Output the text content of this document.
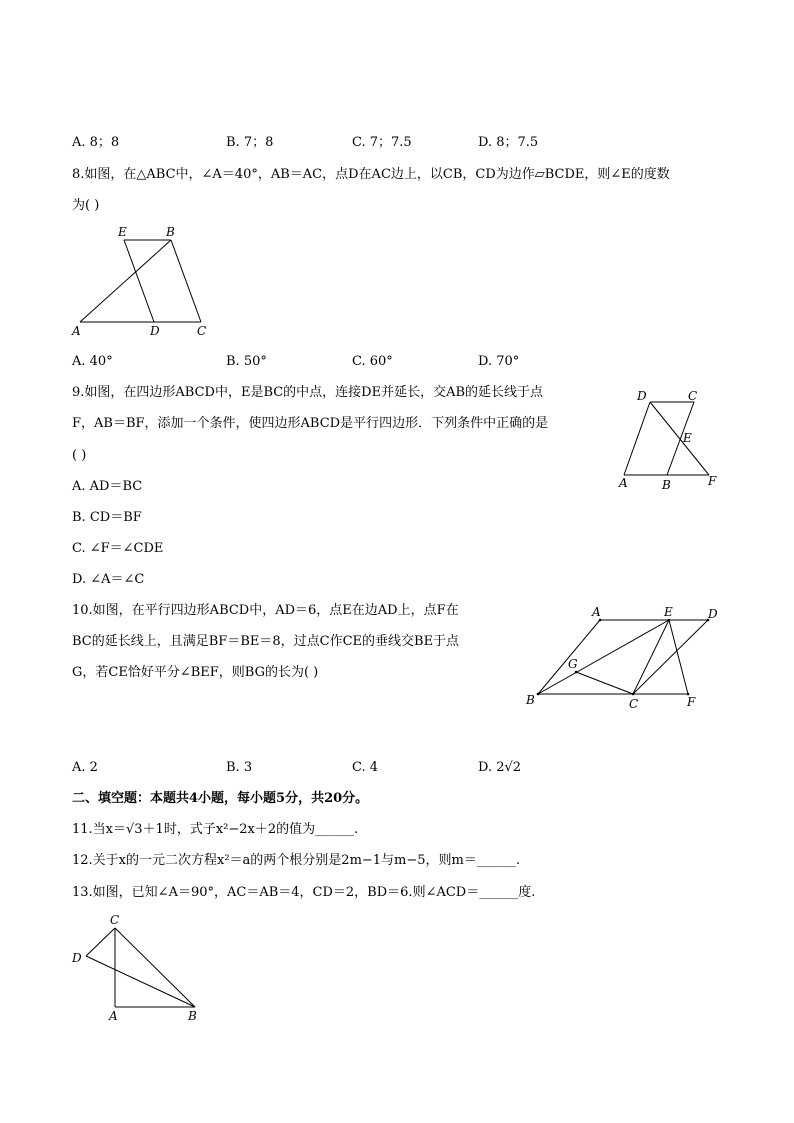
A. 8；8	B. 7；8	C. 7；7.5	D. 8；7.5
8.如图，在△ABC中，∠A＝40°，AB＝AC，点D在AC边上，以CB，CD为边作▱BCDE，则∠E的度数
为( )
E	B
A	D	C
A. 40°	B. 50°	C. 60°	D. 70°
9.如图，在四边形ABCD中，E是BC的中点，连接DE并延长，交AB的延长线于点
F，AB＝BF，添加一个条件，使四边形ABCD是平行四边形．下列条件中正确的是
( )
D	C
E
A	B	F
A. AD＝BC
B. CD＝BF
C. ∠F＝∠CDE
D. ∠A＝∠C
10.如图，在平行四边形ABCD中，AD＝6，点E在边AD上，点F在
BC的延长线上，且满足BF＝BE＝8，过点C作CE的垂线交BE于点
G，若CE恰好平分∠BEF，则BG的长为( )
A	E	D
G
B	C	F
A. 2	B. 3	C. 4	D. 2√2
二、填空题：本题共4小题，每小题5分，共20分。
11.当x＝√3＋1时，式子x²−2x＋2的值为______.
12.关于x的一元二次方程x²＝a的两个根分别是2m−1与m−5，则m＝______.
13.如图，已知∠A＝90°，AC＝AB＝4，CD＝2，BD＝6.则∠ACD＝______度.
C
D
A	B
